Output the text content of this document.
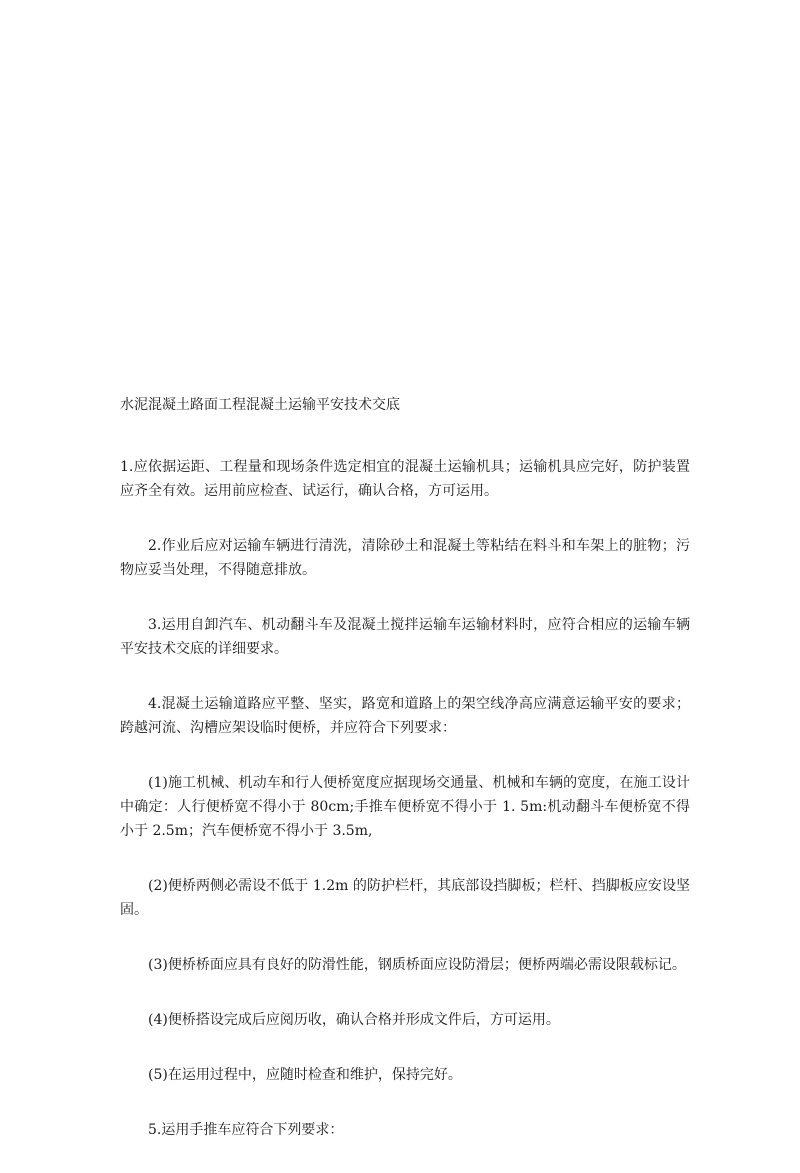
水泥混凝土路面工程混凝土运输平安技术交底

1.应依据运距、工程量和现场条件选定相宜的混凝土运输机具；运输机具应完好，防护装置应齐全有效。运用前应检查、试运行，确认合格，方可运用。

2.作业后应对运输车辆进行清洗，清除砂土和混凝土等粘结在料斗和车架上的脏物；污物应妥当处理，不得随意排放。

3.运用自卸汽车、机动翻斗车及混凝土搅拌运输车运输材料时，应符合相应的运输车辆平安技术交底的详细要求。

4.混凝土运输道路应平整、坚实，路宽和道路上的架空线净高应满意运输平安的要求；跨越河流、沟槽应架设临时便桥，并应符合下列要求：

(1)施工机械、机动车和行人便桥宽度应据现场交通量、机械和车辆的宽度，在施工设计中确定：人行便桥宽不得小于 80cm;手推车便桥宽不得小于 1. 5m:机动翻斗车便桥宽不得小于 2.5m；汽车便桥宽不得小于 3.5m,

(2)便桥两侧必需设不低于 1.2m 的防护栏杆，其底部设挡脚板；栏杆、挡脚板应安设坚固。

(3)便桥桥面应具有良好的防滑性能，钢质桥面应设防滑层；便桥两端必需设限载标记。

(4)便桥搭设完成后应阅历收，确认合格并形成文件后，方可运用。

(5)在运用过程中，应随时检查和维护，保持完好。

5.运用手推车应符合下列要求：
